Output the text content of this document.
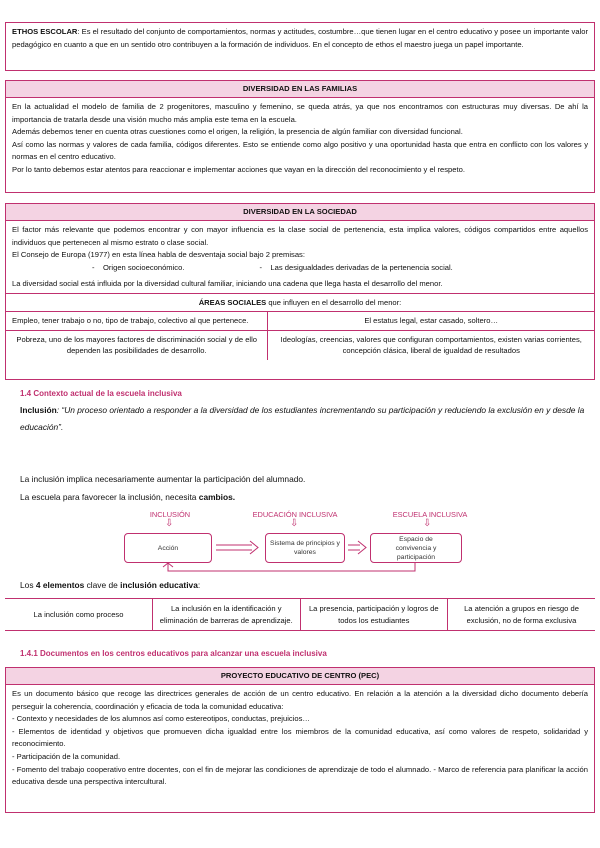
ETHOS ESCOLAR: Es el resultado del conjunto de comportamientos, normas y actitudes, costumbre…que tienen lugar en el centro educativo y posee un importante valor pedagógico en cuanto a que en un sentido otro contribuyen a la formación de individuos. En el concepto de ethos el maestro juega un papel importante.

DIVERSIDAD EN LAS FAMILIAS

En la actualidad el modelo de familia de 2 progenitores, masculino y femenino, se queda atrás, ya que nos encontramos con estructuras muy diversas. De ahí la importancia de tratarla desde una visión mucho más amplia este tema en la escuela.

Además debemos tener en cuenta otras cuestiones como el origen, la religión, la presencia de algún familiar con diversidad funcional.

Así como las normas y valores de cada familia, códigos diferentes. Esto se entiende como algo positivo y una oportunidad hasta que entra en conflicto con los valores y normas en el centro educativo.

Por lo tanto debemos estar atentos para reaccionar e implementar acciones que vayan en la dirección del reconocimiento y el respeto.

DIVERSIDAD EN LA SOCIEDAD

El factor más relevante que podemos encontrar y con mayor influencia es la clase social de pertenencia, esta implica valores, códigos compartidos entre aquellos individuos que pertenecen al mismo estrato o clase social.

El Consejo de Europa (1977) en esta línea habla de desventaja social bajo 2 premisas:

-    Origen socioeconómico.	-    Las desigualdades derivadas de la pertenencia social.

La diversidad social está influida por la diversidad cultural familiar, iniciando una cadena que llega hasta el desarrollo del menor.

ÁREAS SOCIALES que influyen en el desarrollo del menor:	
Empleo, tener trabajo o no, tipo de trabajo, colectivo al que pertenece.	El estatus legal, estar casado, soltero…
Pobreza, uno de los mayores factores de discriminación social y de ello dependen las posibilidades de desarrollo.	Ideologías, creencias, valores que configuran comportamientos, existen varias corrientes, concepción clásica, liberal de igualdad de resultados
1.4 Contexto actual de la escuela inclusiva
Inclusión: “Un proceso orientado a responder a la diversidad de los estudiantes incrementando su participación y reduciendo la exclusión en y desde la educación”.
La inclusión implica necesariamente aumentar la participación del alumnado.
La escuela para favorecer la inclusión, necesita cambios.
INCLUSIÓN	EDUCACIÓN INCLUSIVA	ESCUELA INCLUSIVA
⇩	⇩	⇩
Acción
Sistema de principios y valores
Espacio de convivencia y participación
Los 4 elementos clave de inclusión educativa:
La inclusión como proceso	La inclusión en la identificación y eliminación de barreras de aprendizaje.	La presencia, participación y logros de todos los estudiantes	La atención a grupos en riesgo de exclusión, no de forma exclusiva
1.4.1 Documentos en los centros educativos para alcanzar una escuela inclusiva
PROYECTO EDUCATIVO DE CENTRO (PEC)

Es un documento básico que recoge las directrices generales de acción de un centro educativo. En relación a la atención a la diversidad dicho documento debería perseguir la coherencia, coordinación y eficacia de toda la comunidad educativa:

- Contexto y necesidades de los alumnos así como estereotipos, conductas, prejuicios…

- Elementos de identidad y objetivos que promueven dicha igualdad entre los miembros de la comunidad educativa, así como valores de respeto, solidaridad y reconocimiento.

- Participación de la comunidad.

- Fomento del trabajo cooperativo entre docentes, con el fin de mejorar las condiciones de aprendizaje de todo el alumnado. - Marco de referencia para planificar la acción educativa desde una perspectiva intercultural.
